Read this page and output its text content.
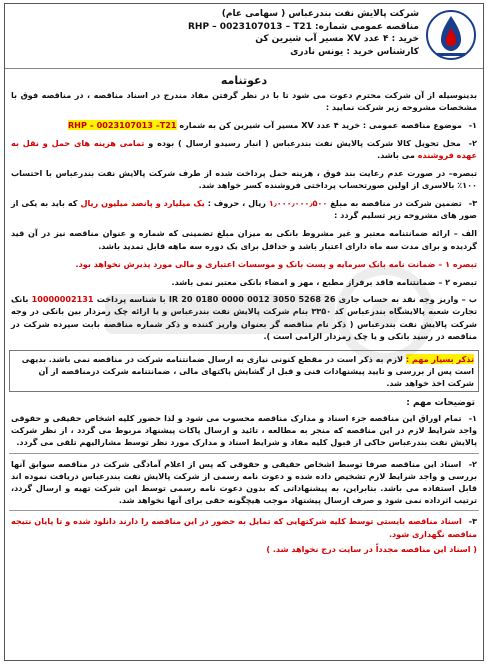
شرکت پالایش نفت بندرعباس ( سهامی عام)
مناقصه عمومی شماره: RHP – 0023107013 – T21
خرید : ۴ عدد XV مسیر آب شیرین کن
کارشناس خرید : یونس نادری
دعوتنامه
بدینوسیله از آن شرکت محترم دعوت می شود تا با در نظر گرفتن مفاد مندرج در اسناد مناقصه ، در مناقصه فوق با مشخصات مشروحه زیر شرکت نمایید :
۱- موضوع مناقصه عمومی : خرید ۴ عدد XV مسیر آب شیرین کن به شماره RHP – 0023107013 –T21
۲- محل تحویل کالا شرکت پالایش نفت بندرعباس ( انبار رسیدو ارسال ) بوده و تمامی هزینه های حمل و نقل به عهده فروشنده می باشد.
تبصره– در صورت عدم رعایت بند فوق ، هزینه حمل پرداخت شده از طرف شرکت پالایش نفت بندرعباس با احتساب ۱۰۰٪ بالاسری از اولین صورتحساب پرداختی فروشنده کسر خواهد شد.
۳- تضمین شرکت در مناقصه به مبلغ ۱٫۰۰۰٫۰۰۰٫۵۰۰ ریال ، حروف : یک میلیارد و پانصد میلیون ریال که باید به یکی از صور های مشروحه زیر تسلیم گردد :
الف – ارائه ضمانتنامه معتبر و غیر مشروط بانکی به میزان مبلغ تضمینی که شماره و عنوان مناقصه نیز در آن قید گردیده و برای مدت سه ماه دارای اعتبار باشد و حداقل برای یک دوره سه ماهه قابل تمدید باشد.
تبصره ۱ – ضمانت نامه بانک سرمایه و پست بانک و موسسات اعتباری و مالی مورد پذیرش نخواهد بود.
تبصره ۲ – ضمانتنامه فاقد برفراز مطبع ، مهر و امضاء بانکی معتبر نمی باشد.
ب – واریز وجه نقد به حساب جاری IR 20 0180 0000 0012 3050 5268 26 با شناسه پرداخت 10000002131 بانک تجارت شعبه پالایشگاه بندرعباس کد ۳۳۵۰ بنام شرکت پالایش نفت بندرعباس و یا ارائه چک رمزدار بین بانکی در وجه شرکت پالایش نفت بندرعباس ( ذکر نام مناقصه گر بعنوان واریز کننده و ذکر شماره مناقصه بابت سپرده شرکت در مناقصه در رسید بانکی و یا چک رمزدار الزامی است ).
تذکر بسیار مهم : لازم به ذکر است در مقطع کنونی نیازی به ارسال ضمانتنامه شرکت در مناقصه نمی باشد. بدیهی است پس از بررسی و تایید پیشنهادات فنی و قبل از گشایش پاکتهای مالی ، ضمانتنامه شرکت درمناقصه از آن شرکت اخذ خواهد شد.
توضیحات مهم :
۱- تمام اوراق این مناقصه جزء اسناد و مدارک مناقصه محسوب می شود و لذا حضور کلیه اشخاص حقیقی و حقوقی واجد شرایط لازم در این مناقصه که منجر به مطالعه ، تائید و ارسال پاکات پیشنهاد مربوط می گردد ، از نظر شرکت پالایش نفت بندرعباس حاکی از قبول کلیه مفاد و شرایط اسناد و مدارک مورد نظر توسط مشارالیهم تلقی می گردد.
۲- اسناد این مناقصه صرفا توسط اشخاص حقیقی و حقوقی که پس از اعلام آمادگی شرکت در مناقصه سوابق آنها بررسی و واجد شرایط لازم تشخیص داده شده و دعوت نامه رسمی از شرکت پالایش نفت بندرعباس دریافت نموده اند قابل استفاده می باشد. بنابراین، به پیشنهاداتی که بدون دعوت نامه رسمی توسط این شرکت تهیه و ارسال گردد، ترتیب اثرداده نمی شود و صرف ارسال پیشنهاد موجب هیچگونه حقی برای آنها نخواهد شد.
۳- اسناد مناقصه بایستی توسط کلیه شرکتهایی که تمایل به حضور در این مناقصه را دارند دانلود شده و تا پایان نتیجه مناقصه نگهداری شود.
( اسناد این مناقصه مجدداً در سایت درج نخواهد شد. )
